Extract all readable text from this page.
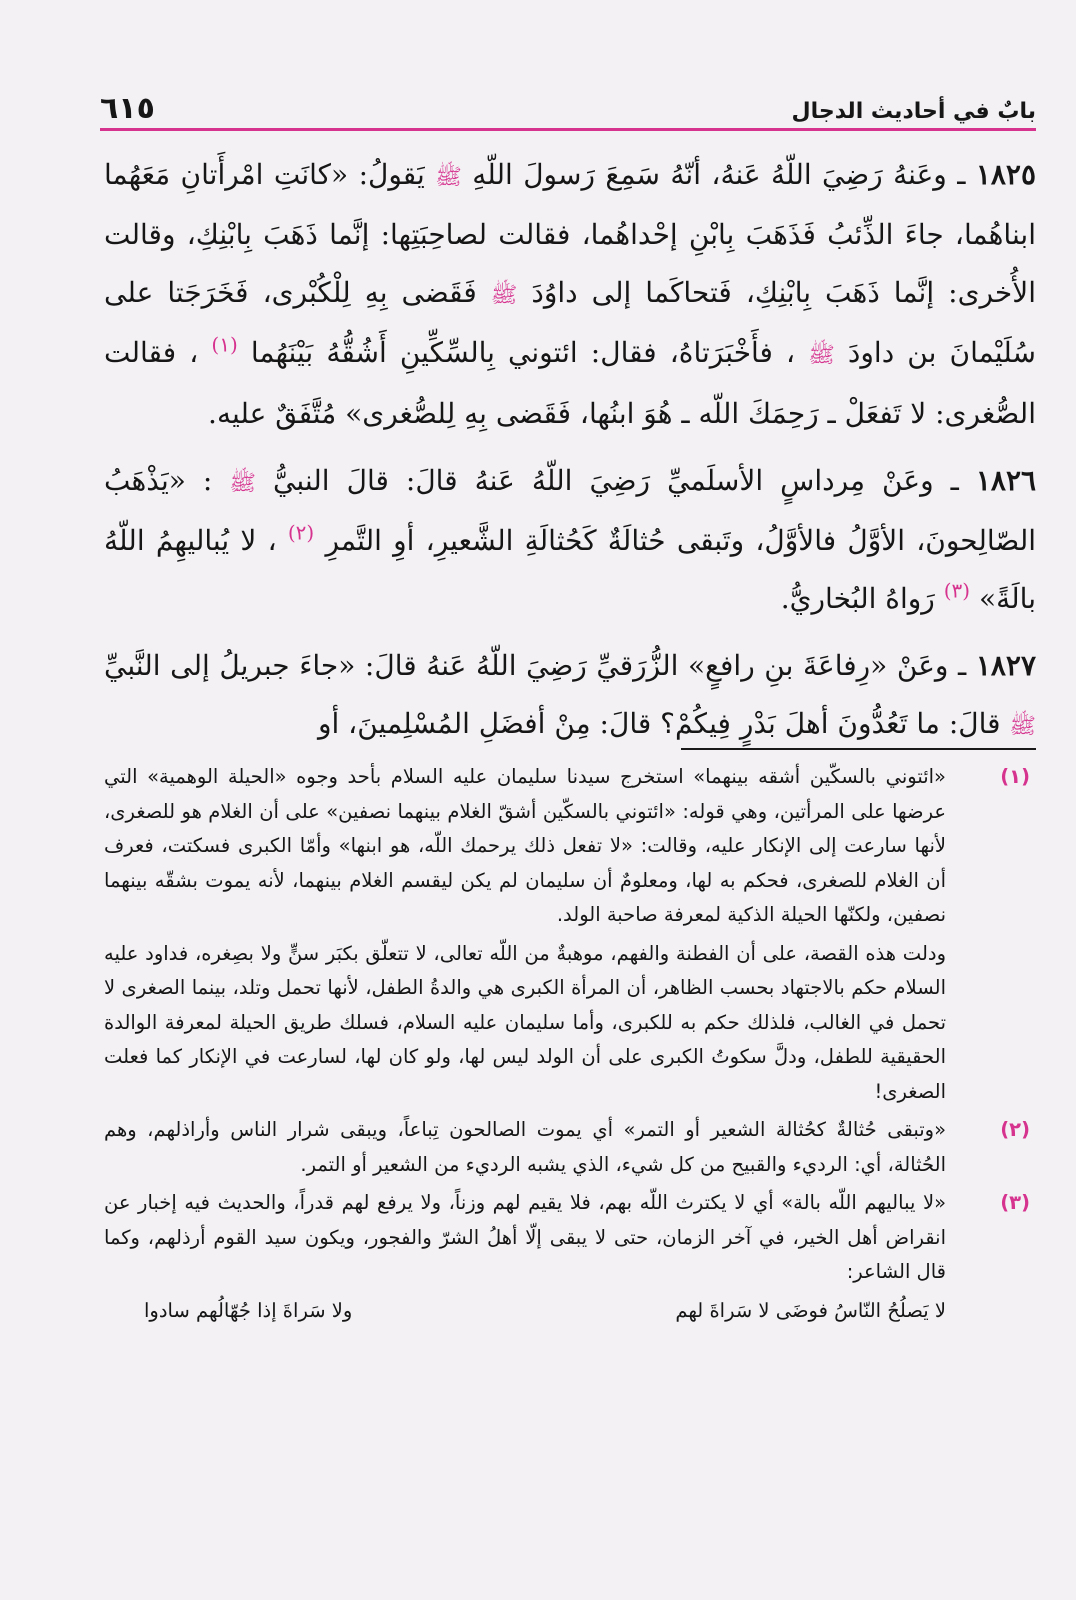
بابٌ في أحاديث الدجال
٦١٥

١٨٢٥ ـ وعَنهُ رَضِيَ اللّهُ عَنهُ، أنّهُ سَمِعَ رَسولَ اللّهِ ﷺ يَقولُ: «كانَتِ امْرأَتانِ مَعَهُما ابناهُما، جاءَ الذِّئبُ فَذَهَبَ بِابْنِ إحْداهُما، فقالت لصاحِبَتِها: إنَّما ذَهَبَ بِابْنِكِ، وقالت الأُخرى: إنَّما ذَهَبَ بِابْنِكِ، فَتحاكَما إلى داوُدَ ﷺ فَقَضى بِهِ لِلْكُبْرى، فَخَرَجَتا على سُلَيْمانَ بن داودَ ﷺ ، فأَخْبَرَتاهُ، فقال: ائتوني بِالسِّكِّينِ أَشُقُّهُ بَيْنَهُما $^{(١)}$ ، فقالت الصُّغرى: لا تَفعَلْ ـ رَحِمَكَ اللّه ـ هُوَ ابنُها، فَقَضى بِهِ لِلصُّغرى» مُتَّفَقٌ عليه.

١٨٢٦ ـ وعَنْ مِرداسٍ الأسلَميِّ رَضِيَ اللّهُ عَنهُ قالَ: قالَ النبيُّ ﷺ : «يَذْهَبُ الصّالِحونَ، الأوَّلُ فالأوَّلُ، وتَبقى حُثالَةٌ كَحُثالَةِ الشَّعيرِ، أوِ التَّمرِ $^{(٢)}$ ، لا يُباليهِمُ اللّهُ بالَةً» $^{(٣)}$ رَواهُ البُخاريُّ.

١٨٢٧ ـ وعَنْ «رِفاعَةَ بنِ رافعٍ» الزُّرَقيِّ رَضِيَ اللّهُ عَنهُ قالَ: «جاءَ جبريلُ إلى النَّبيِّ ﷺ قالَ: ما تَعُدُّونَ أهلَ بَدْرٍ فِيكُمْ؟ قالَ: مِنْ أفضَلِ المُسْلِمينَ، أو

(١)

«ائتوني بالسكّين أشقه بينهما» استخرج سيدنا سليمان عليه السلام بأحد وجوه «الحيلة الوهمية» التي عرضها على المرأتين، وهي قوله: «ائتوني بالسكّين أشقّ الغلام بينهما نصفين» على أن الغلام هو للصغرى، لأنها سارعت إلى الإنكار عليه، وقالت: «لا تفعل ذلك يرحمك اللّه، هو ابنها» وأمّا الكبرى فسكتت، فعرف أن الغلام للصغرى، فحكم به لها، ومعلومٌ أن سليمان لم يكن ليقسم الغلام بينهما، لأنه يموت بشقّه بينهما نصفين، ولكنّها الحيلة الذكية لمعرفة صاحبة الولد.

ودلت هذه القصة، على أن الفطنة والفهم، موهبةٌ من اللّه تعالى، لا تتعلّق بكبَر سنٍّ ولا بصِغره، فداود عليه السلام حكم بالاجتهاد بحسب الظاهر، أن المرأة الكبرى هي والدةُ الطفل، لأنها تحمل وتلد، بينما الصغرى لا تحمل في الغالب، فلذلك حكم به للكبرى، وأما سليمان عليه السلام، فسلك طريق الحيلة لمعرفة الوالدة الحقيقية للطفل، ودلَّ سكوتُ الكبرى على أن الولد ليس لها، ولو كان لها، لسارعت في الإنكار كما فعلت الصغرى!

(٢)

«وتبقى حُثالةٌ كحُثالة الشعير أو التمر» أي يموت الصالحون تِباعاً، ويبقى شرار الناس وأراذلهم، وهم الحُثالة، أي: الرديء والقبيح من كل شيء، الذي يشبه الرديء من الشعير أو التمر.

(٣)

«لا يباليهم اللّه بالة» أي لا يكترث اللّه بهم، فلا يقيم لهم وزناً، ولا يرفع لهم قدراً، والحديث فيه إخبار عن انقراض أهل الخير، في آخر الزمان، حتى لا يبقى إلّا أهلُ الشرّ والفجور، ويكون سيد القوم أرذلهم، وكما قال الشاعر:

لا يَصلُحُ النّاسُ فوضَى لا سَراةَ لهم
ولا سَراةَ إذا جُهّالُهم سادوا
